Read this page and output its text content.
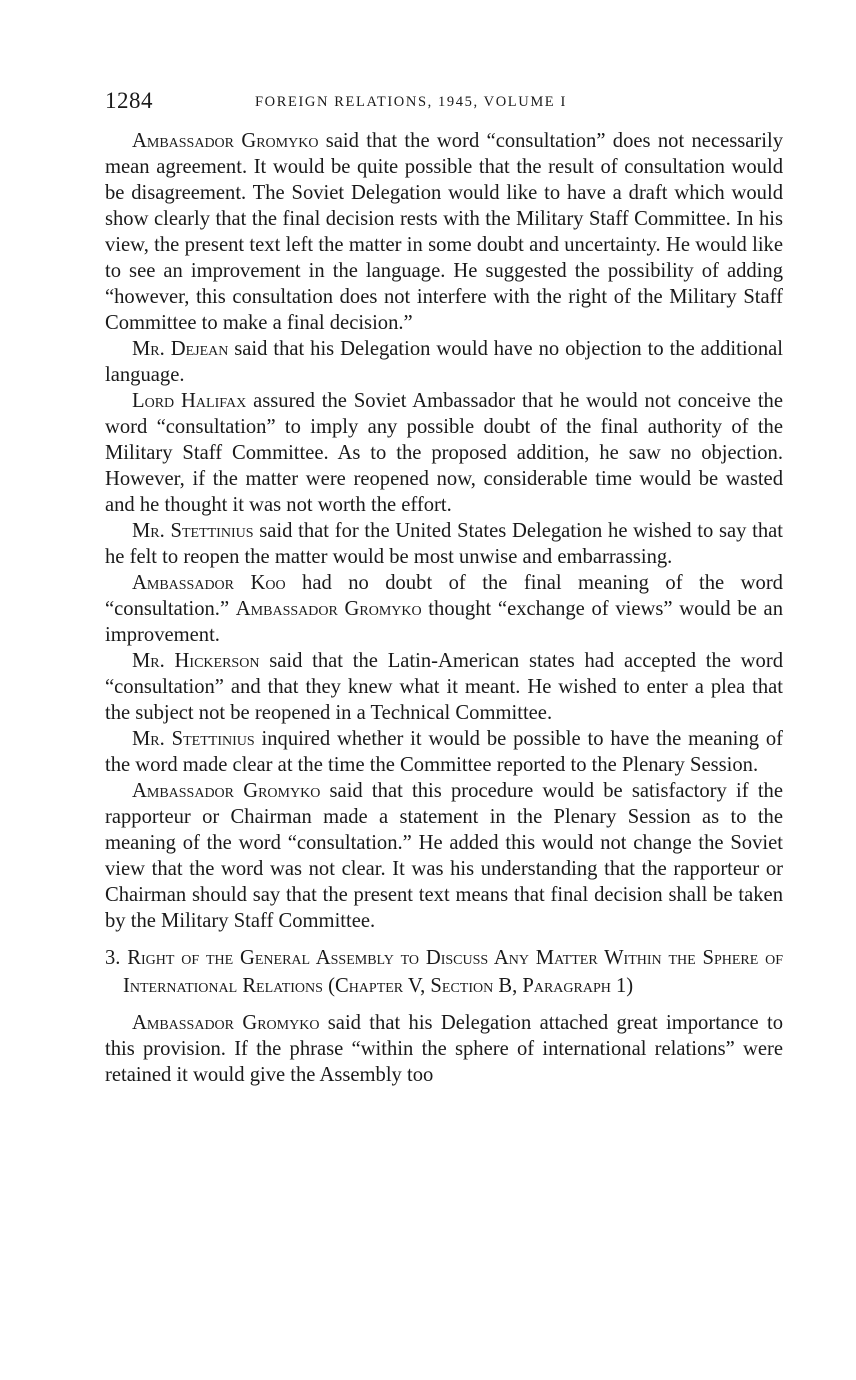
1284	FOREIGN RELATIONS, 1945, VOLUME I

Ambassador Gromyko said that the word “consultation” does not necessarily mean agreement. It would be quite possible that the result of consultation would be disagreement. The Soviet Delegation would like to have a draft which would show clearly that the final decision rests with the Military Staff Committee. In his view, the present text left the matter in some doubt and uncertainty. He would like to see an improvement in the language. He suggested the possibility of adding “however, this consultation does not interfere with the right of the Military Staff Committee to make a final decision.”

Mr. Dejean said that his Delegation would have no objection to the additional language.

Lord Halifax assured the Soviet Ambassador that he would not conceive the word “consultation” to imply any possible doubt of the final authority of the Military Staff Committee. As to the proposed addition, he saw no objection. However, if the matter were reopened now, considerable time would be wasted and he thought it was not worth the effort.

Mr. Stettinius said that for the United States Delegation he wished to say that he felt to reopen the matter would be most unwise and embarrassing.

Ambassador Koo had no doubt of the final meaning of the word “consultation.” Ambassador Gromyko thought “exchange of views” would be an improvement.

Mr. Hickerson said that the Latin-American states had accepted the word “consultation” and that they knew what it meant. He wished to enter a plea that the subject not be reopened in a Technical Committee.

Mr. Stettinius inquired whether it would be possible to have the meaning of the word made clear at the time the Committee reported to the Plenary Session.

Ambassador Gromyko said that this procedure would be satisfactory if the rapporteur or Chairman made a statement in the Plenary Session as to the meaning of the word “consultation.” He added this would not change the Soviet view that the word was not clear. It was his understanding that the rapporteur or Chairman should say that the present text means that final decision shall be taken by the Military Staff Committee.

3. Right of the General Assembly to Discuss Any Matter Within the Sphere of International Relations (Chapter V, Section B, Paragraph 1)

Ambassador Gromyko said that his Delegation attached great importance to this provision. If the phrase “within the sphere of international relations” were retained it would give the Assembly too
